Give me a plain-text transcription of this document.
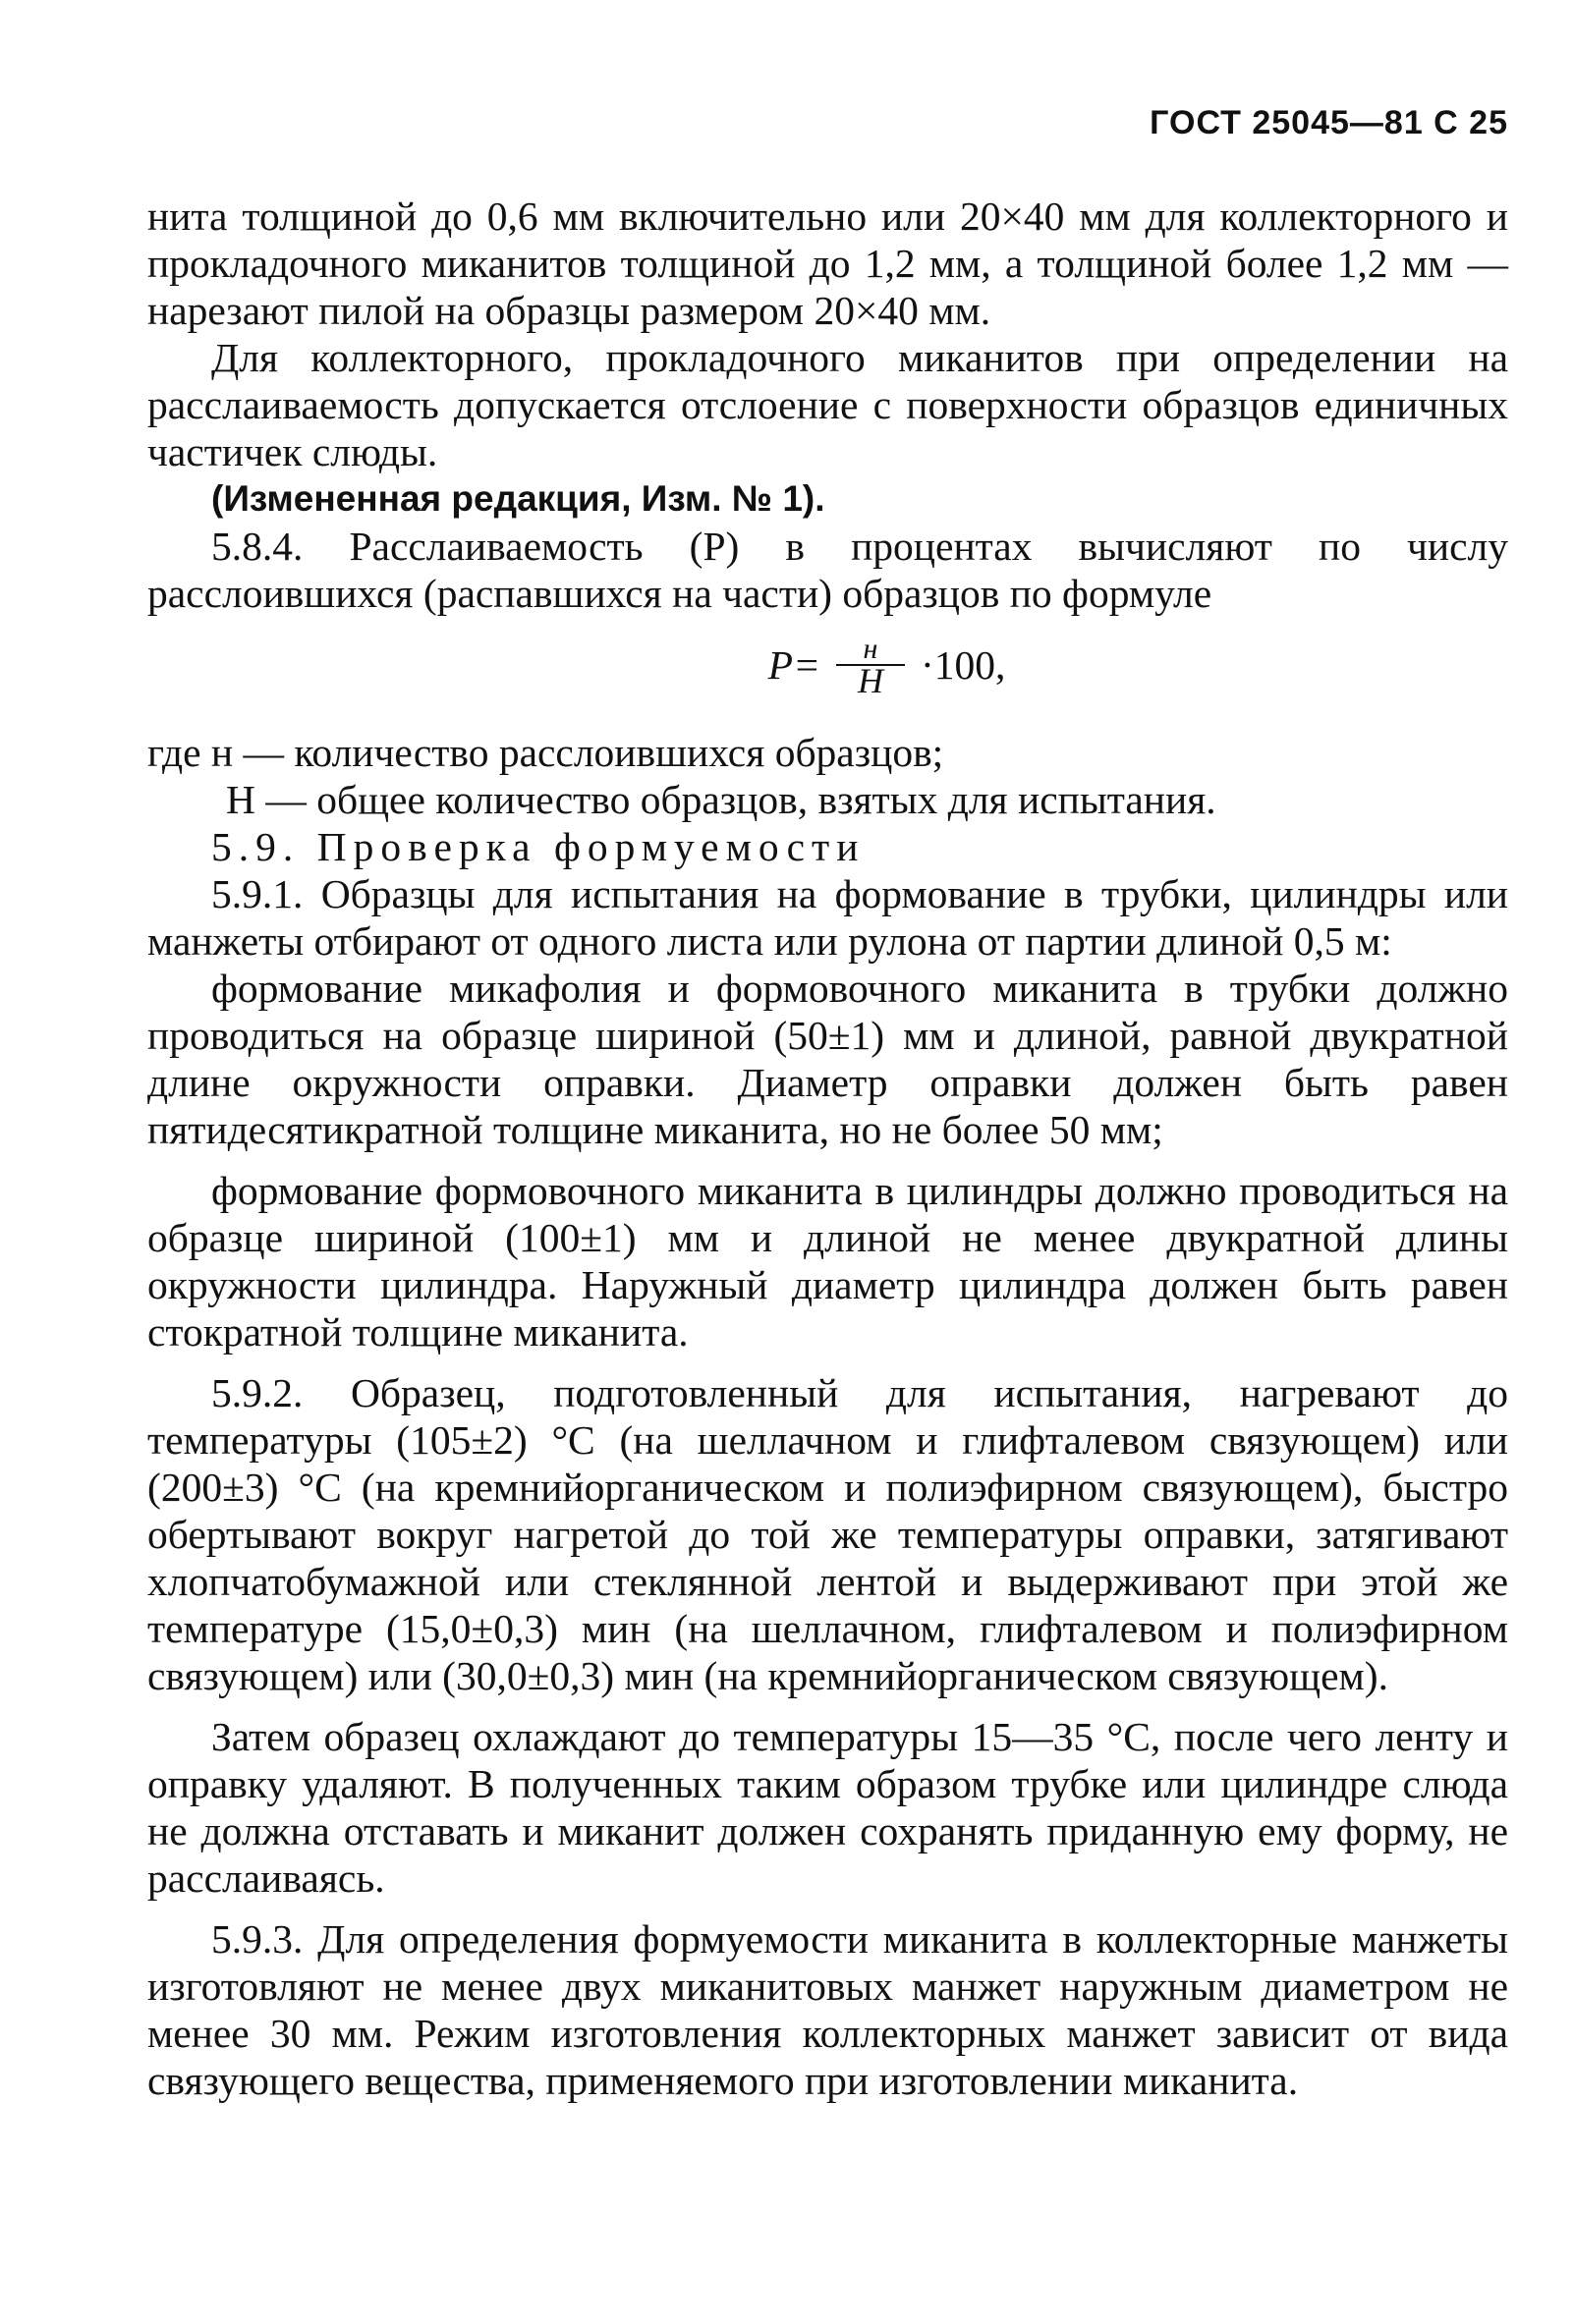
ГОСТ 25045—81 С 25

нита толщиной до 0,6 мм включительно или 20×40 мм для коллекторного и прокладочного миканитов толщиной до 1,2 мм, а толщиной более 1,2 мм — нарезают пилой на образцы размером 20×40 мм.

Для коллекторного, прокладочного миканитов при определении на расслаиваемость допускается отслоение с поверхности образцов единичных частичек слюды.

(Измененная редакция, Изм. № 1).

5.8.4. Расслаиваемость (P) в процентах вычисляют по числу расслоившихся (распавшихся на части) образцов по формуле

$P= \frac{н}{H} \cdot 100$,

где н — количество расслоившихся образцов;

H — общее количество образцов, взятых для испытания.

5.9. Проверка формуемости

5.9.1. Образцы для испытания на формование в трубки, цилиндры или манжеты отбирают от одного листа или рулона от партии длиной 0,5 м:

формование микафолия и формовочного миканита в трубки должно проводиться на образце шириной (50±1) мм и длиной, равной двукратной длине окружности оправки. Диаметр оправки должен быть равен пятидесятикратной толщине миканита, но не более 50 мм;

формование формовочного миканита в цилиндры должно проводиться на образце шириной (100±1) мм и длиной не менее двукратной длины окружности цилиндра. Наружный диаметр цилиндра должен быть равен стократной толщине миканита.

5.9.2. Образец, подготовленный для испытания, нагревают до температуры (105±2) °С (на шеллачном и глифталевом связующем) или (200±3) °С (на кремнийорганическом и полиэфирном связующем), быстро обертывают вокруг нагретой до той же температуры оправки, затягивают хлопчатобумажной или стеклянной лентой и выдерживают при этой же температуре (15,0±0,3) мин (на шеллачном, глифталевом и полиэфирном связующем) или (30,0±0,3) мин (на кремнийорганическом связующем).

Затем образец охлаждают до температуры 15—35 °С, после чего ленту и оправку удаляют. В полученных таким образом трубке или цилиндре слюда не должна отставать и миканит должен сохранять приданную ему форму, не расслаиваясь.

5.9.3. Для определения формуемости миканита в коллекторные манжеты изготовляют не менее двух миканитовых манжет наружным диаметром не менее 30 мм. Режим изготовления коллекторных манжет зависит от вида связующего вещества, применяемого при изготовлении миканита.
